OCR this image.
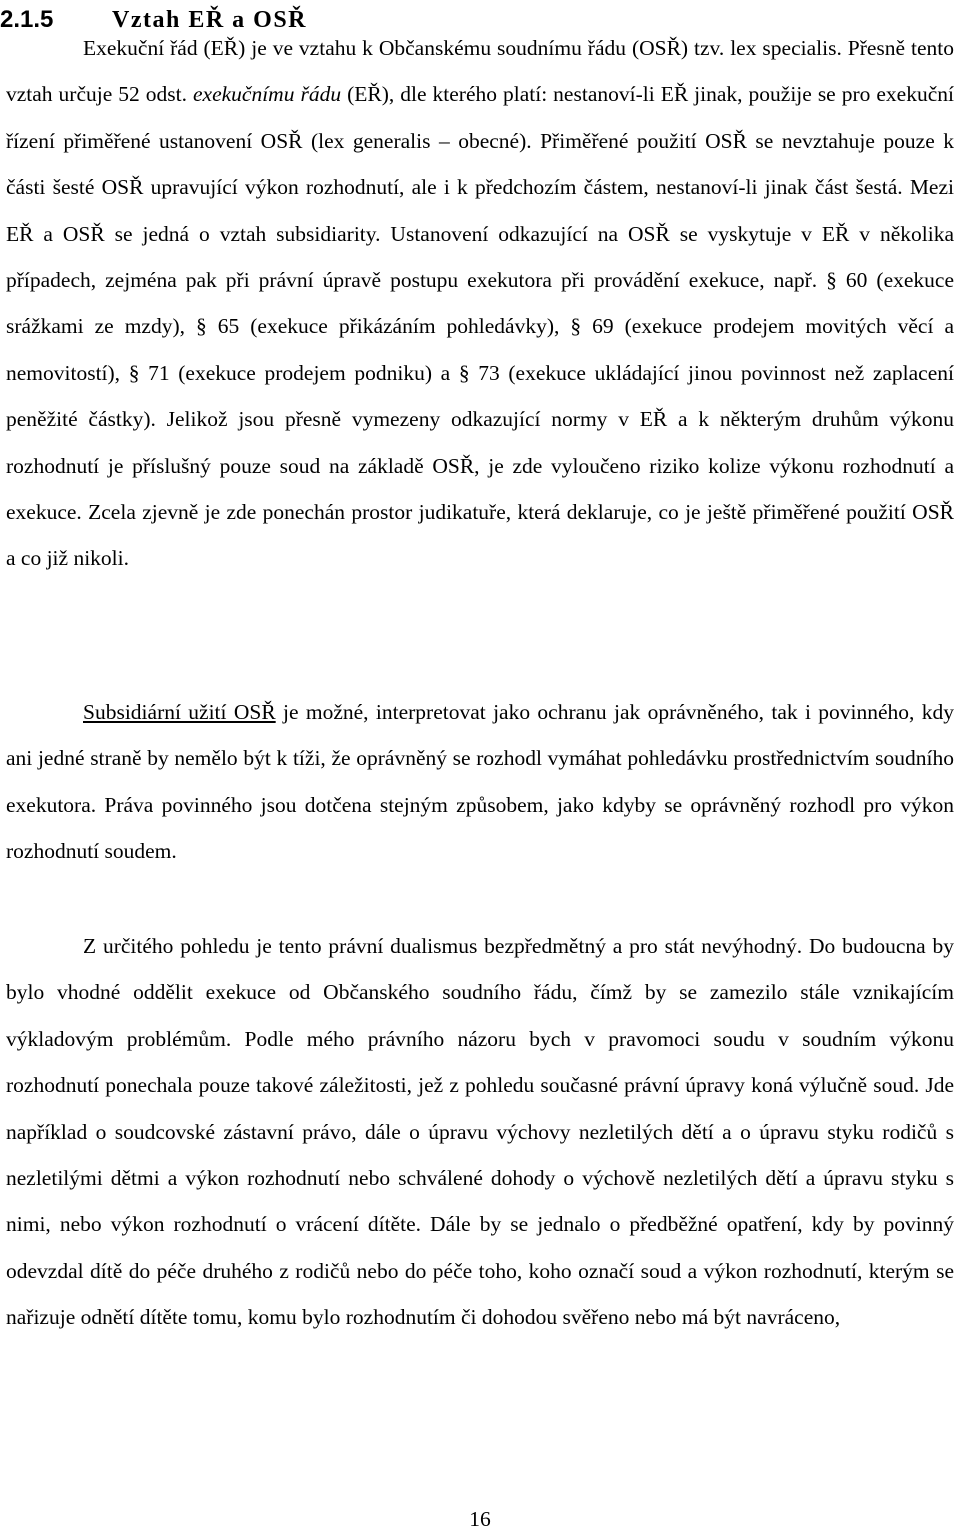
2.1.5 Vztah EŘ a OSŘ

Exekuční řád (EŘ) je ve vztahu k Občanskému soudnímu řádu (OSŘ) tzv. lex specialis. Přesně tento vztah určuje 52 odst. exekučnímu řádu (EŘ), dle kterého platí: nestanoví-li EŘ jinak, použije se pro exekuční řízení přiměřené ustanovení OSŘ (lex generalis – obecné). Přiměřené použití OSŘ se nevztahuje pouze k části šesté OSŘ upravující výkon rozhodnutí, ale i k předchozím částem, nestanoví-li jinak část šestá. Mezi EŘ a OSŘ se jedná o vztah subsidiarity. Ustanovení odkazující na OSŘ se vyskytuje v EŘ v několika případech, zejména pak při právní úpravě postupu exekutora při provádění exekuce, např. § 60 (exekuce srážkami ze mzdy), § 65 (exekuce přikázáním pohledávky), § 69 (exekuce prodejem movitých věcí a nemovitostí), § 71 (exekuce prodejem podniku) a § 73 (exekuce ukládající jinou povinnost než zaplacení peněžité částky). Jelikož jsou přesně vymezeny odkazující normy v EŘ a k některým druhům výkonu rozhodnutí je příslušný pouze soud na základě OSŘ, je zde vyloučeno riziko kolize výkonu rozhodnutí a exekuce. Zcela zjevně je zde ponechán prostor judikatuře, která deklaruje, co je ještě přiměřené použití OSŘ a co již nikoli.

Subsidiární užití OSŘ je možné, interpretovat jako ochranu jak oprávněného, tak i povinného, kdy ani jedné straně by nemělo být k tíži, že oprávněný se rozhodl vymáhat pohledávku prostřednictvím soudního exekutora. Práva povinného jsou dotčena stejným způsobem, jako kdyby se oprávněný rozhodl pro výkon rozhodnutí soudem.

Z určitého pohledu je tento právní dualismus bezpředmětný a pro stát nevýhodný. Do budoucna by bylo vhodné oddělit exekuce od Občanského soudního řádu, čímž by se zamezilo stále vznikajícím výkladovým problémům. Podle mého právního názoru bych v pravomoci soudu v soudním výkonu rozhodnutí ponechala pouze takové záležitosti, jež z pohledu současné právní úpravy koná výlučně soud. Jde například o soudcovské zástavní právo, dále o úpravu výchovy nezletilých dětí a o úpravu styku rodičů s nezletilými dětmi a výkon rozhodnutí nebo schválené dohody o výchově nezletilých dětí a úpravu styku s nimi, nebo výkon rozhodnutí o vrácení dítěte. Dále by se jednalo o předběžné opatření, kdy by povinný odevzdal dítě do péče druhého z rodičů nebo do péče toho, koho označí soud a výkon rozhodnutí, kterým se nařizuje odnětí dítěte tomu, komu bylo rozhodnutím či dohodou svěřeno nebo má být navráceno,

16
